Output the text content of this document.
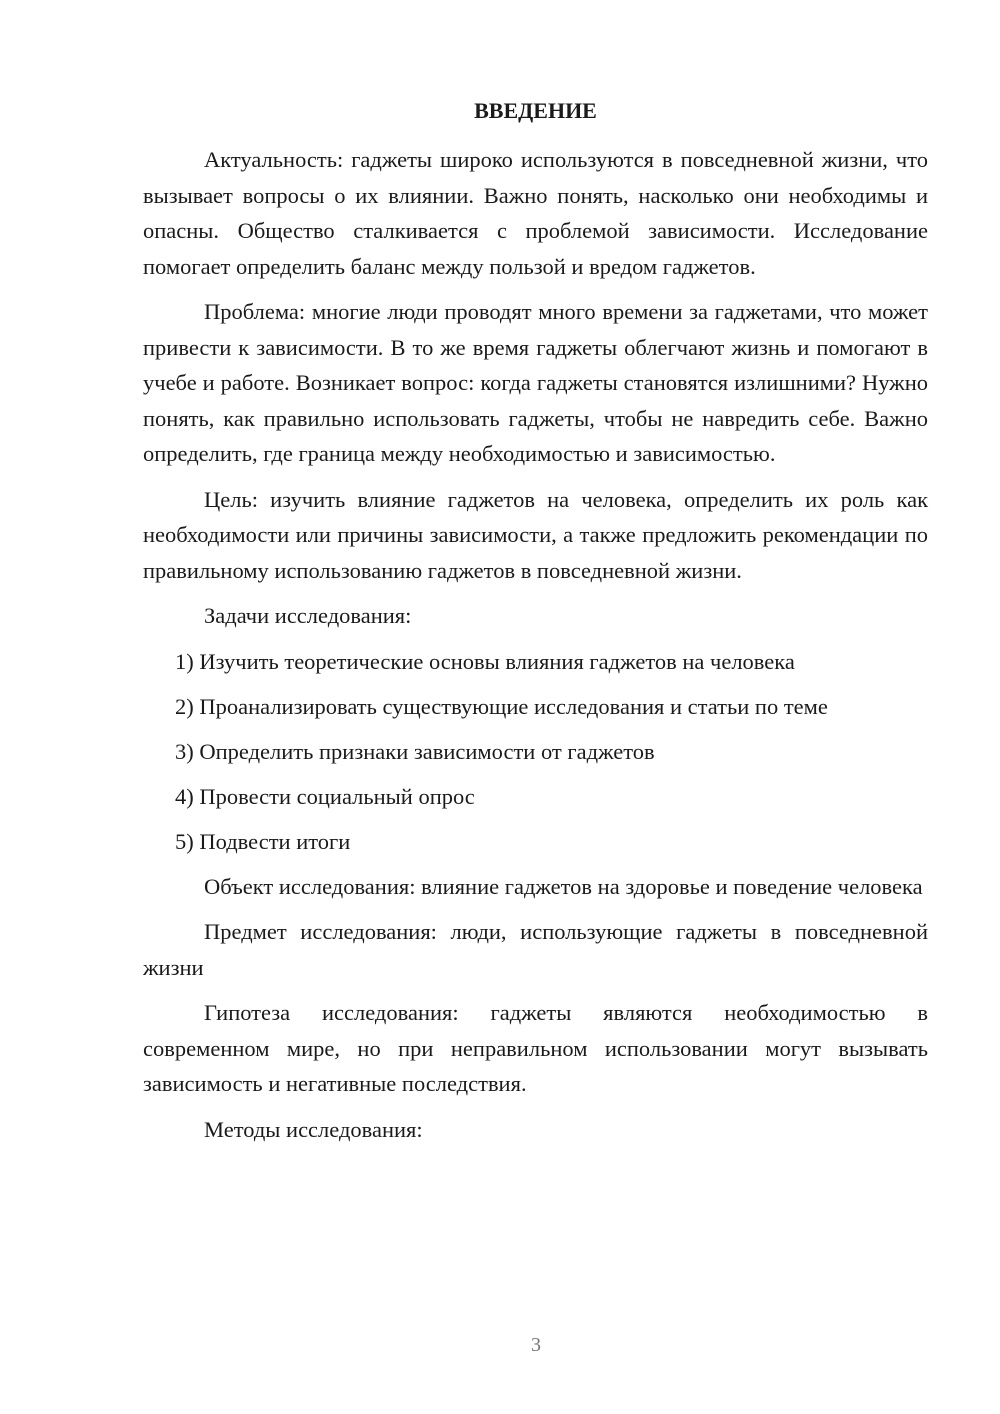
ВВЕДЕНИЕ

Актуальность: гаджеты широко используются в повседневной жизни, что вызывает вопросы о их влиянии. Важно понять, насколько они необходимы и опасны. Общество сталкивается с проблемой зависимости. Исследование помогает определить баланс между пользой и вредом гаджетов.

Проблема: многие люди проводят много времени за гаджетами, что может привести к зависимости. В то же время гаджеты облегчают жизнь и помогают в учебе и работе. Возникает вопрос: когда гаджеты становятся излишними? Нужно понять, как правильно использовать гаджеты, чтобы не навредить себе. Важно определить, где граница между необходимостью и зависимостью.

Цель: изучить влияние гаджетов на человека, определить их роль как необходимости или причины зависимости, а также предложить рекомендации по правильному использованию гаджетов в повседневной жизни.

Задачи исследования:

1) Изучить теоретические основы влияния гаджетов на человека
2) Проанализировать существующие исследования и статьи по теме
3) Определить признаки зависимости от гаджетов
4) Провести социальный опрос
5) Подвести итоги

Объект исследования: влияние гаджетов на здоровье и поведение человека

Предмет исследования: люди, использующие гаджеты в повседневной жизни

Гипотеза исследования: гаджеты являются необходимостью в современном мире, но при неправильном использовании могут вызывать зависимость и негативные последствия.

Методы исследования:

3
